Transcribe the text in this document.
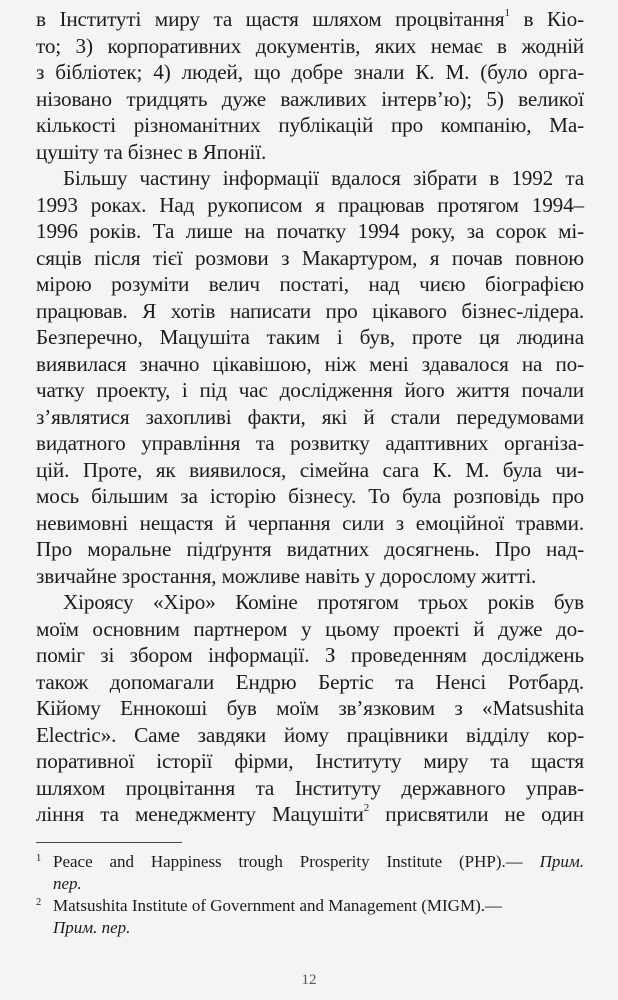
в Інституті миру та щастя шляхом процвітання$^1$ в Кіо-
то; 3) корпоративних документів, яких немає в жодній
з бібліотек; 4) людей, що добре знали К. М. (було орга-
нізовано тридцять дуже важливих інтерв’ю); 5) великої
кількості різноманітних публікацій про компанію, Ма-
цушіту та бізнес в Японії.
Більшу частину інформації вдалося зібрати в 1992 та
1993 роках. Над рукописом я працював протягом 1994–
1996 років. Та лише на початку 1994 року, за сорок мі-
сяців після тієї розмови з Макартуром, я почав повною
мірою розуміти велич постаті, над чиєю біографією
працював. Я хотів написати про цікавого бізнес-лідера.
Безперечно, Мацушіта таким і був, проте ця людина
виявилася значно цікавішою, ніж мені здавалося на по-
чатку проекту, і під час дослідження його життя почали
з’являтися захопливі факти, які й стали передумовами
видатного управління та розвитку адаптивних організа-
цій. Проте, як виявилося, сімейна сага К. М. була чи-
мось більшим за історію бізнесу. То була розповідь про
невимовні нещастя й черпання сили з емоційної травми.
Про моральне підґрунтя видатних досягнень. Про над-
звичайне зростання, можливе навіть у дорослому житті.
Хіроясу «Хіро» Коміне протягом трьох років був
моїм основним партнером у цьому проекті й дуже до-
поміг зі збором інформації. З проведенням досліджень
також допомагали Ендрю Бертіс та Ненсі Ротбард.
Кійому Еннокоші був моїм зв’язковим з «Matsushita
Electric». Саме завдяки йому працівники відділу кор-
поративної історії фірми, Інституту миру та щастя
шляхом процвітання та Інституту державного управ-
ління та менеджменту Мацушіти$^2$ присвятили не один
1 Peace and Happiness trough Prosperity Institute (PHP).— Прим.
пер.
2 Matsushita Institute of Government and Management (MIGM).—
Прим. пер.
12
